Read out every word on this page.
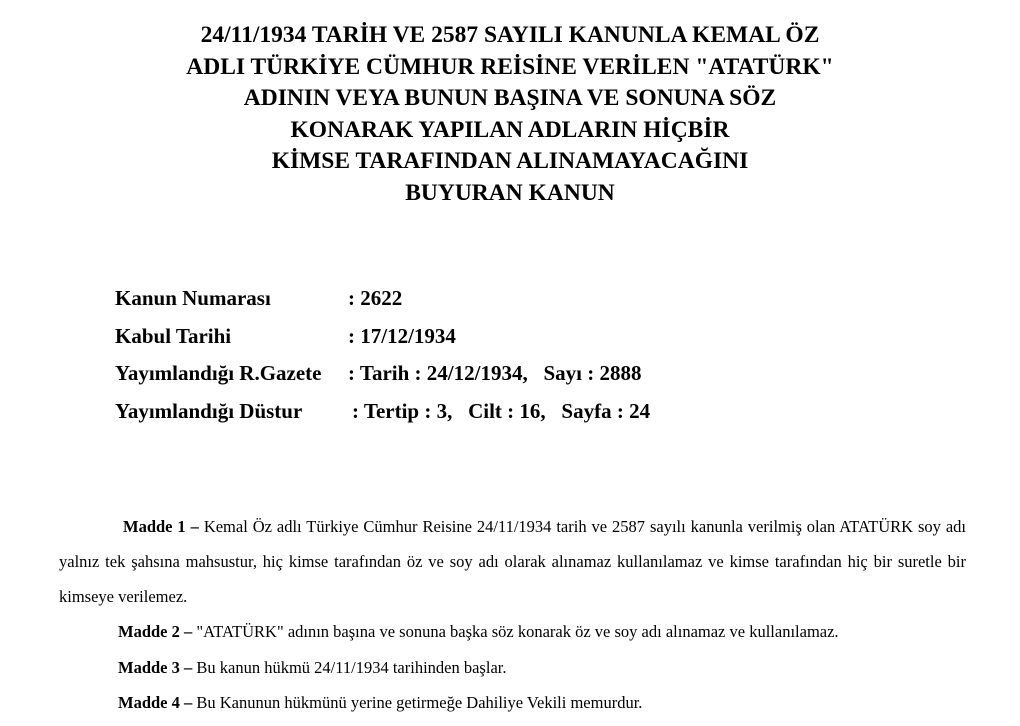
24/11/1934 TARİH VE 2587 SAYILI KANUNLA KEMAL ÖZ
ADLI TÜRKİYE CÜMHUR REİSİNE VERİLEN "ATATÜRK"
ADININ VEYA BUNUN BAŞINA VE SONUNA SÖZ
KONARAK YAPILAN ADLARIN HİÇBİR
KİMSE TARAFINDAN ALINAMAYACAĞINI
BUYURAN KANUN
Kanun Numarası	: 2622
Kabul Tarihi	: 17/12/1934
Yayımlandığı R.Gazete : Tarih : 24/12/1934,   Sayı : 2888
Yayımlandığı Düstur : Tertip : 3,   Cilt : 16,   Sayfa : 24

Madde 1 – Kemal Öz adlı Türkiye Cümhur Reisine 24/11/1934 tarih ve 2587 sayılı kanunla verilmiş olan ATATÜRK soy adı yalnız tek şahsına mahsustur, hiç kimse tarafından öz ve soy adı olarak alınamaz kullanılamaz ve kimse tarafından hiç bir suretle bir kimseye verilemez.

Madde 2 – "ATATÜRK" adının başına ve sonuna başka söz konarak öz ve soy adı alınamaz ve kullanılamaz.

Madde 3 – Bu kanun hükmü 24/11/1934 tarihinden başlar.

Madde 4 – Bu Kanunun hükmünü yerine getirmeğe Dahiliye Vekili memurdur.
